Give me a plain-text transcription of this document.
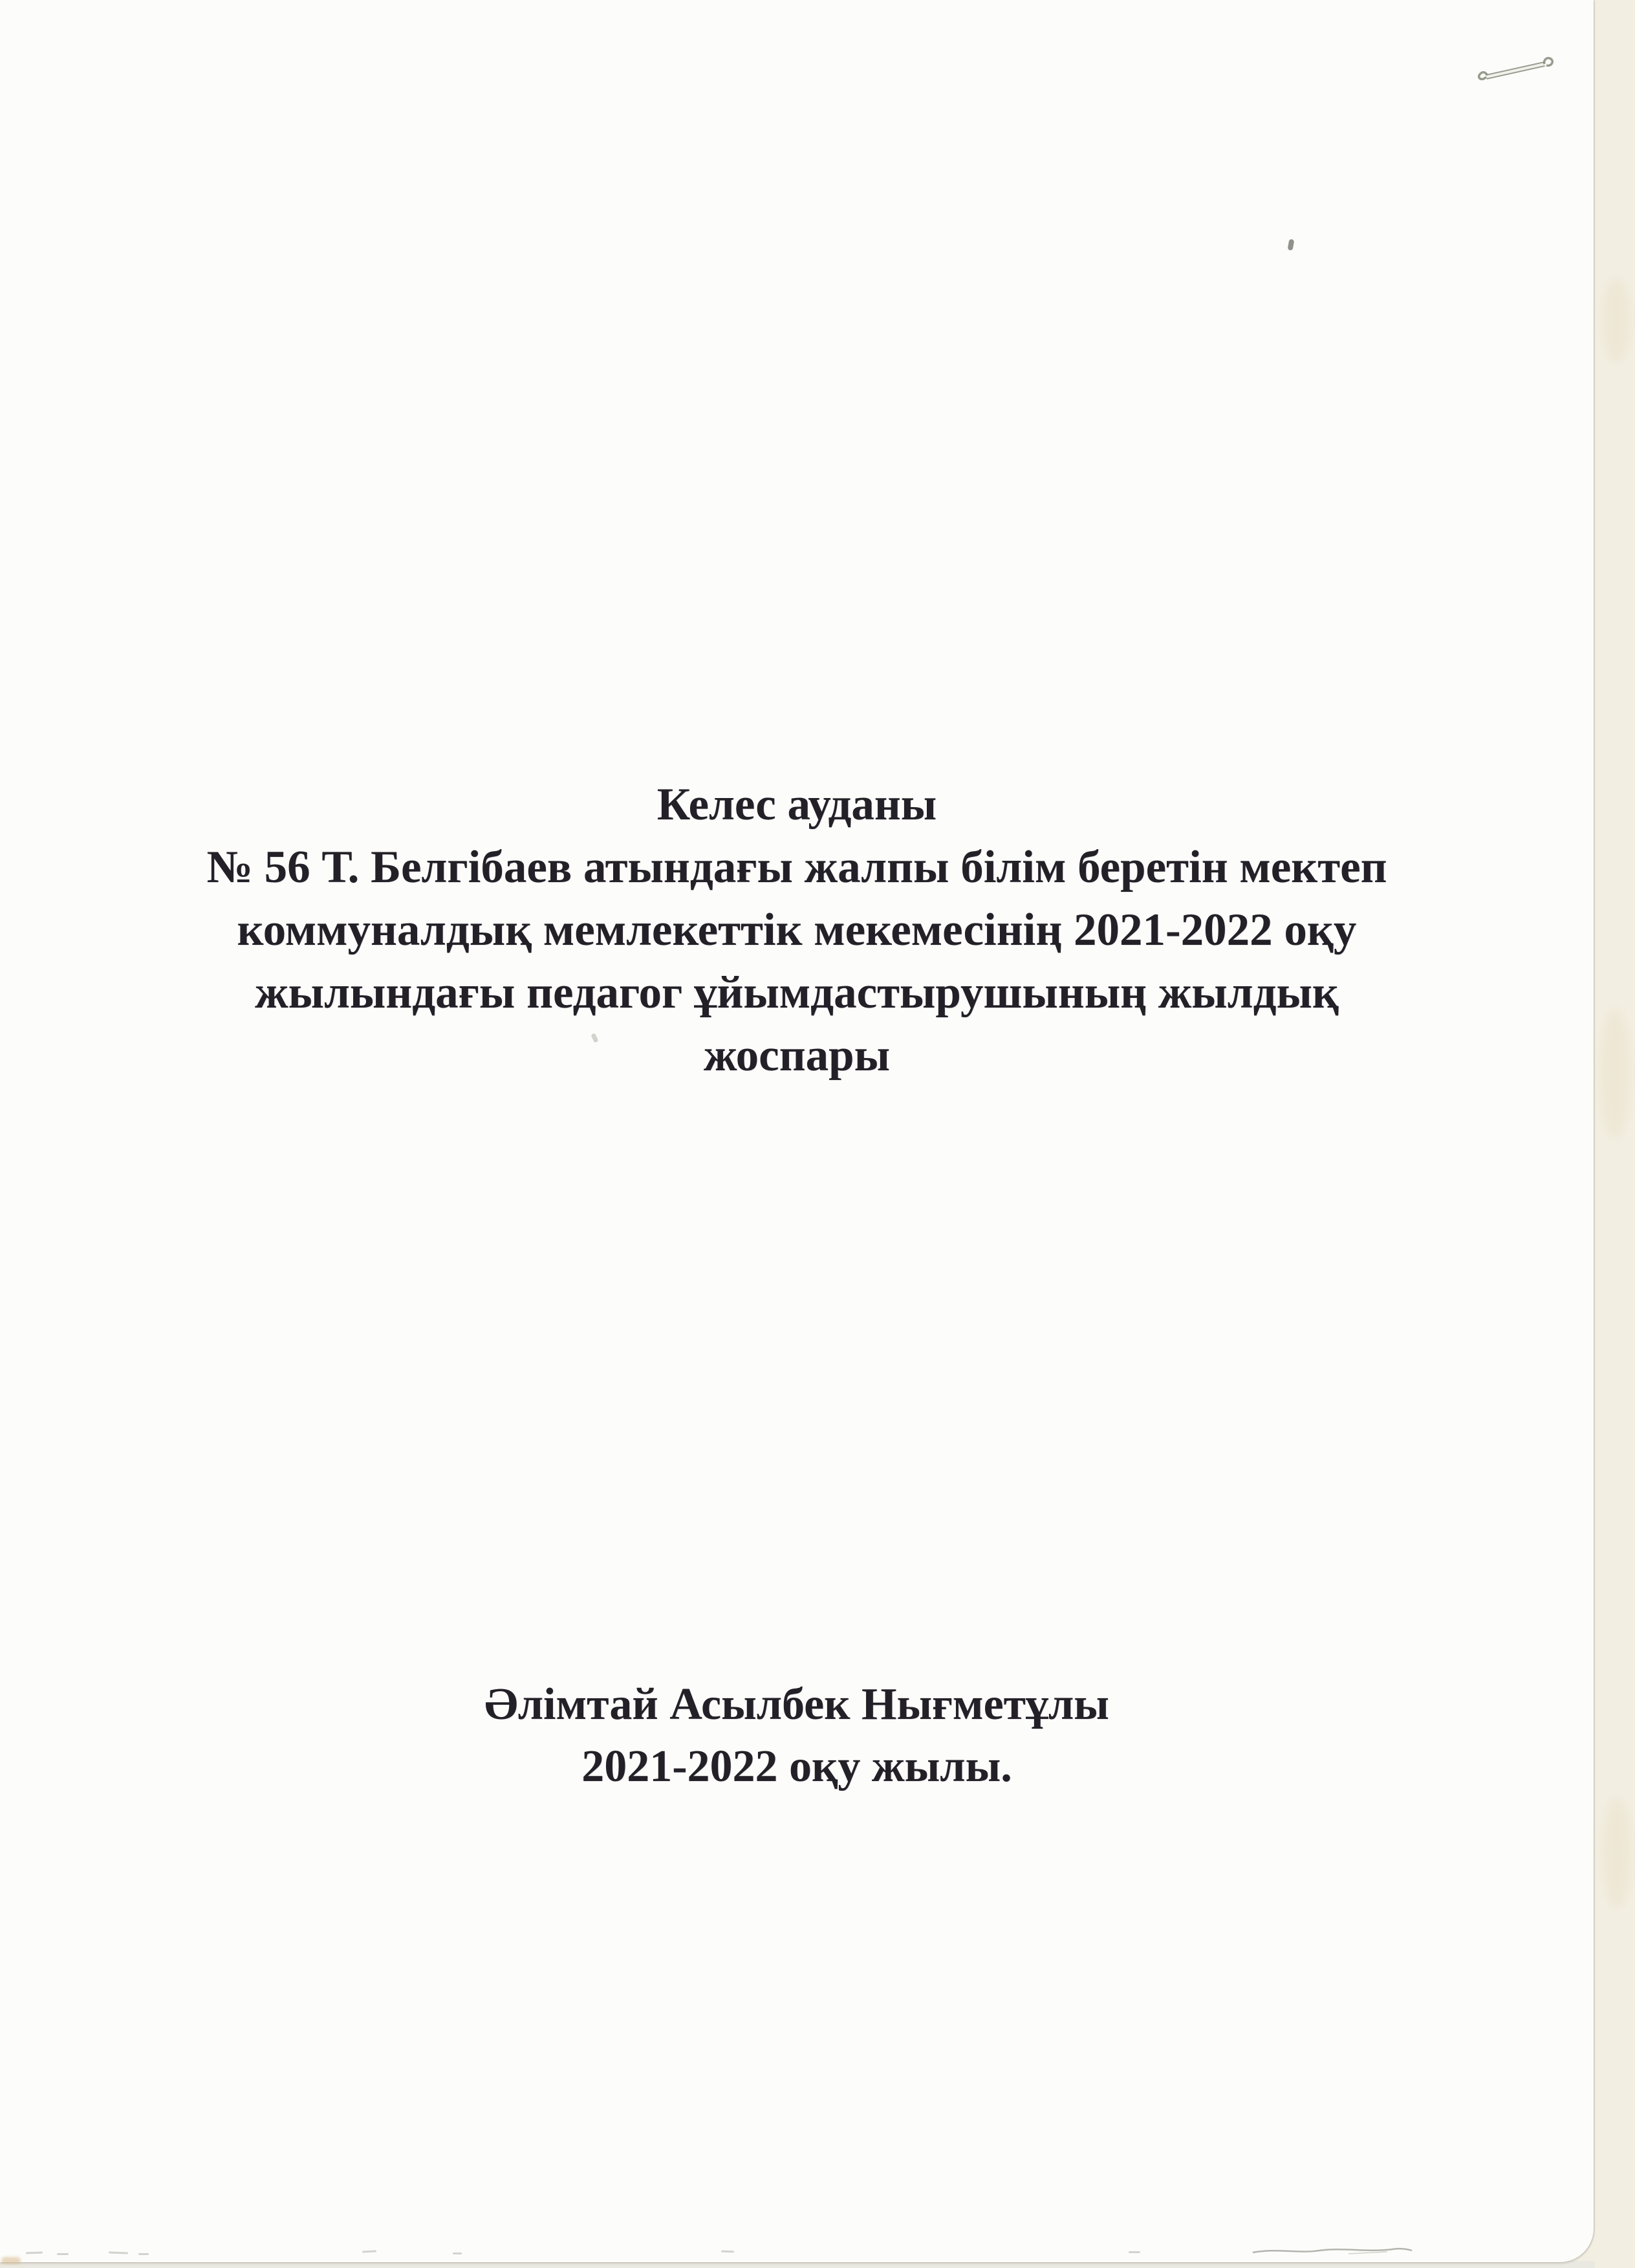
Келес ауданы
№ 56 Т. Белгібаев атындағы жалпы білім беретін мектеп
коммуналдық мемлекеттік мекемесінің 2021-2022 оқу
жылындағы педагог ұйымдастырушының жылдық
жоспары
Әлімтай Асылбек Нығметұлы
2021-2022 оқу жылы.
